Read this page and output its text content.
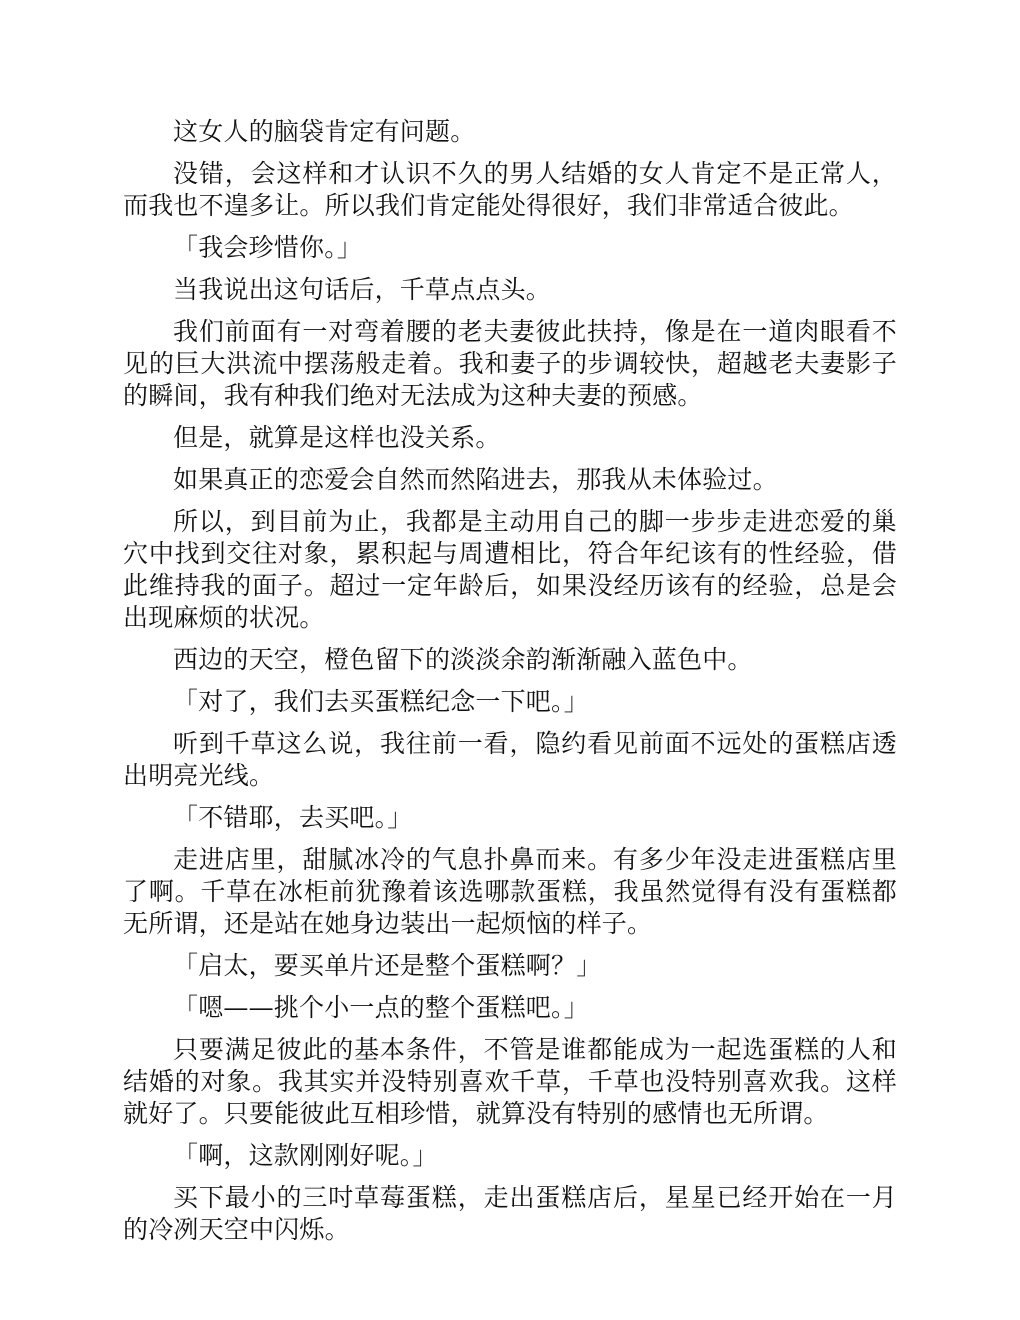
这女人的脑袋肯定有问题。

没错，会这样和才认识不久的男人结婚的女人肯定不是正常人，而我也不遑多让。所以我们肯定能处得很好，我们非常适合彼此。

「我会珍惜你。」

当我说出这句话后，千草点点头。

我们前面有一对弯着腰的老夫妻彼此扶持，像是在一道肉眼看不见的巨大洪流中摆荡般走着。我和妻子的步调较快，超越老夫妻影子的瞬间，我有种我们绝对无法成为这种夫妻的预感。

但是，就算是这样也没关系。

如果真正的恋爱会自然而然陷进去，那我从未体验过。

所以，到目前为止，我都是主动用自己的脚一步步走进恋爱的巢穴中找到交往对象，累积起与周遭相比，符合年纪该有的性经验，借此维持我的面子。超过一定年龄后，如果没经历该有的经验，总是会出现麻烦的状况。

西边的天空，橙色留下的淡淡余韵渐渐融入蓝色中。

「对了，我们去买蛋糕纪念一下吧。」

听到千草这么说，我往前一看，隐约看见前面不远处的蛋糕店透出明亮光线。

「不错耶，去买吧。」

走进店里，甜腻冰冷的气息扑鼻而来。有多少年没走进蛋糕店里了啊。千草在冰柜前犹豫着该选哪款蛋糕，我虽然觉得有没有蛋糕都无所谓，还是站在她身边装出一起烦恼的样子。

「启太，要买单片还是整个蛋糕啊？」

「嗯——挑个小一点的整个蛋糕吧。」

只要满足彼此的基本条件，不管是谁都能成为一起选蛋糕的人和结婚的对象。我其实并没特别喜欢千草，千草也没特别喜欢我。这样就好了。只要能彼此互相珍惜，就算没有特别的感情也无所谓。

「啊，这款刚刚好呢。」

买下最小的三吋草莓蛋糕，走出蛋糕店后，星星已经开始在一月的冷冽天空中闪烁。
